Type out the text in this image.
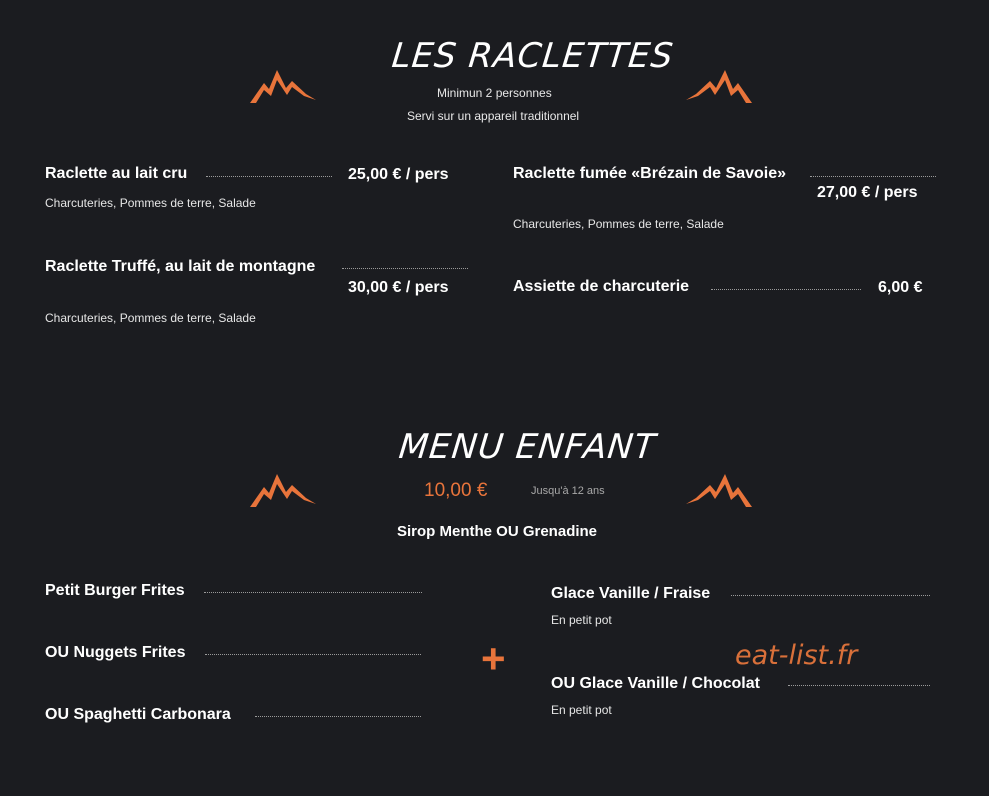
LES RACLETTES
Minimun 2 personnes
Servi sur un appareil traditionnel
Raclette au lait cru	25,00 € / pers
Charcuteries, Pommes de terre, Salade
Raclette Truffé, au lait de montagne
30,00 € / pers
Charcuteries, Pommes de terre, Salade
Raclette fumée «Brézain de Savoie»
27,00 € / pers
Charcuteries, Pommes de terre, Salade
Assiette de charcuterie	6,00 €
MENU ENFANT
10,00 €	Jusqu'à 12 ans
Sirop Menthe OU Grenadine
Petit Burger Frites
OU Nuggets Frites
OU Spaghetti Carbonara
+
Glace Vanille / Fraise
En petit pot
OU Glace Vanille / Chocolat
En petit pot
eat-list.fr
